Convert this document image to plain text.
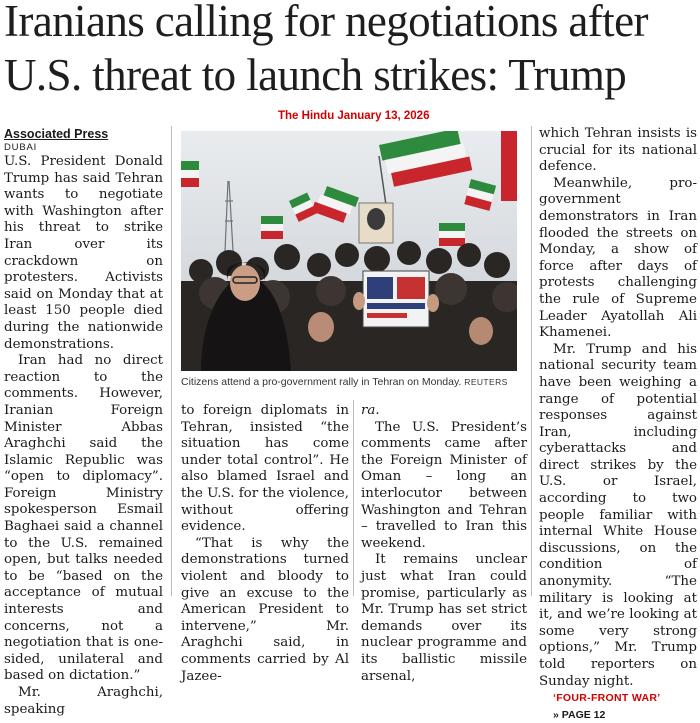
Iranians calling for negotiations after U.S. threat to launch strikes: Trump
The Hindu January 13, 2026

Associated Press

DUBAI

U.S. President Donald Trump has said Tehran wants to negotiate with Washington after his threat to strike Iran over its crackdown on protesters. Activists said on Monday that at least 150 people died during the nationwide demonstrations.

Iran had no direct reaction to the comments. However, Iranian Foreign Minister Abbas Araghchi said the Islamic Republic was “open to diplomacy”. Foreign Ministry spokesperson Esmail Baghaei said a channel to the U.S. remained open, but talks needed to be “based on the acceptance of mutual interests and concerns, not a negotiation that is one-sided, unilateral and based on dictation.”

Mr. Araghchi, speaking

Citizens attend a pro-government rally in Tehran on Monday. REUTERS

to foreign diplomats in Tehran, insisted “the situation has come under total control”. He also blamed Israel and the U.S. for the violence, without offering evidence.

“That is why the demonstrations turned violent and bloody to give an excuse to the American President to intervene,” Mr. Araghchi said, in comments carried by Al Jazee-

ra.

The U.S. President’s comments came after the Foreign Minister of Oman – long an interlocutor between Washington and Tehran – travelled to Iran this weekend.

It remains unclear just what Iran could promise, particularly as Mr. Trump has set strict demands over its nuclear programme and its ballistic missile arsenal,

which Tehran insists is crucial for its national defence.

Meanwhile, pro-government demonstrators in Iran flooded the streets on Monday, a show of force after days of protests challenging the rule of Supreme Leader Ayatollah Ali Khamenei.

Mr. Trump and his national security team have been weighing a range of potential responses against Iran, including cyberattacks and direct strikes by the U.S. or Israel, according to two people familiar with internal White House discussions, on the condition of anonymity. “The military is looking at it, and we’re looking at some very strong options,” Mr. Trump told reporters on Sunday night.

‘FOUR-FRONT WAR’

» PAGE 12
